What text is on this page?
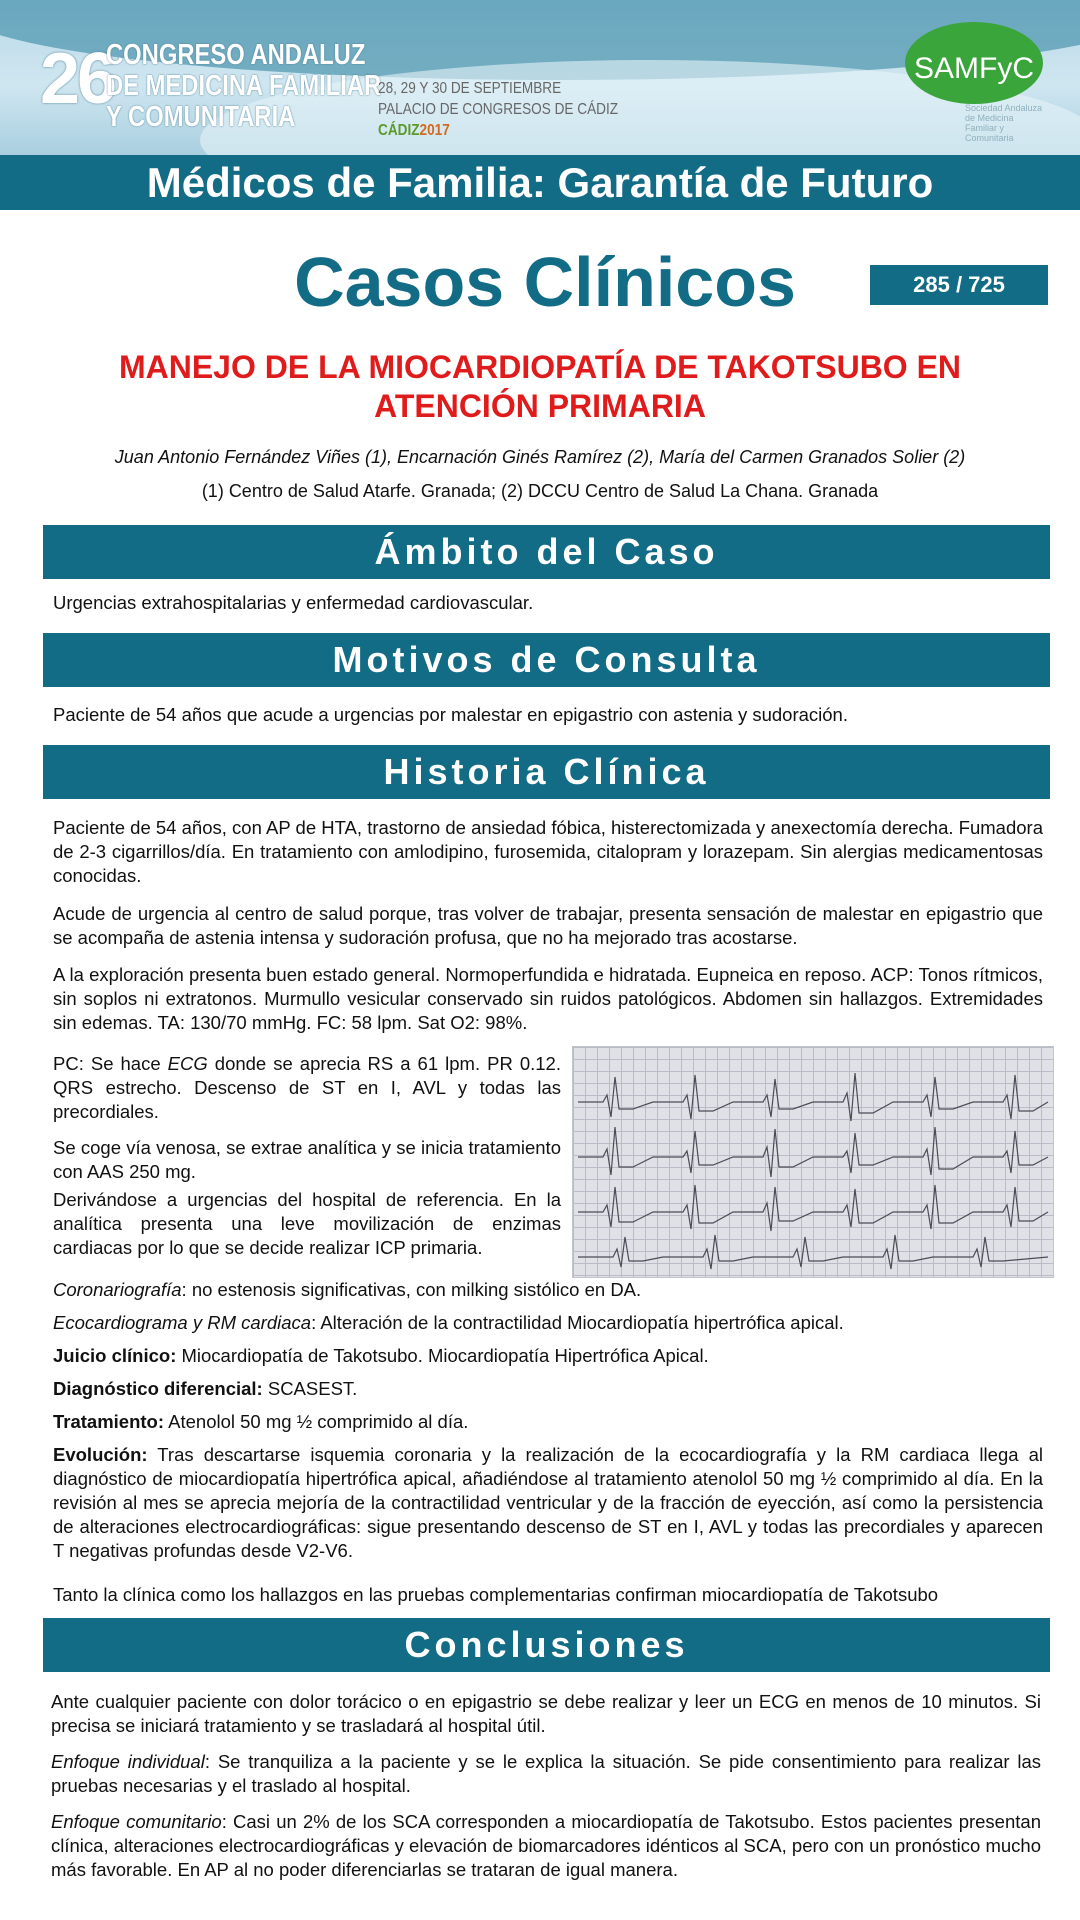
26
CONGRESO ANDALUZ
DE MEDICINA FAMILIAR
Y COMUNITARIA
28, 29 Y 30 DE SEPTIEMBRE
PALACIO DE CONGRESOS DE CÁDIZ
CÁDIZ2017
SAMFyC
Sociedad Andaluza de Medicina Familiar y Comunitaria
Médicos de Familia: Garantía de Futuro
Casos Clínicos	285 / 725
MANEJO DE LA MIOCARDIOPATÍA DE TAKOTSUBO EN ATENCIÓN PRIMARIA
Juan Antonio Fernández Viñes (1), Encarnación Ginés Ramírez (2), María del Carmen Granados Solier (2)
(1) Centro de Salud Atarfe. Granada; (2) DCCU Centro de Salud La Chana. Granada
Ámbito del Caso
Urgencias extrahospitalarias y enfermedad cardiovascular.
Motivos de Consulta
Paciente de 54 años que acude a urgencias por malestar en epigastrio con astenia y sudoración.
Historia Clínica
Paciente de 54 años, con AP de HTA, trastorno de ansiedad fóbica, histerectomizada y anexectomía derecha. Fumadora de 2-3 cigarrillos/día. En tratamiento con amlodipino, furosemida, citalopram y lorazepam. Sin alergias medicamentosas conocidas.
Acude de urgencia al centro de salud porque, tras volver de trabajar, presenta sensación de malestar en epigastrio que se acompaña de astenia intensa y sudoración profusa, que no ha mejorado tras acostarse.
A la exploración presenta buen estado general. Normoperfundida e hidratada. Eupneica en reposo. ACP: Tonos rítmicos, sin soplos ni extratonos. Murmullo vesicular conservado sin ruidos patológicos. Abdomen sin hallazgos. Extremidades sin edemas. TA: 130/70 mmHg. FC: 58 lpm. Sat O2: 98%.
PC: Se hace ECG donde se aprecia RS a 61 lpm. PR 0.12. QRS estrecho. Descenso de ST en I, AVL y todas las precordiales.
Se coge vía venosa, se extrae analítica y se inicia tratamiento con AAS 250 mg.
Derivándose a urgencias del hospital de referencia. En la analítica presenta una leve movilización de enzimas cardiacas por lo que se decide realizar ICP primaria.
Coronariografía: no estenosis significativas, con milking sistólico en DA.
Ecocardiograma y RM cardiaca: Alteración de la contractilidad Miocardiopatía hipertrófica apical.
Juicio clínico: Miocardiopatía de Takotsubo. Miocardiopatía Hipertrófica Apical.
Diagnóstico diferencial: SCASEST.
Tratamiento: Atenolol 50 mg ½ comprimido al día.
Evolución: Tras descartarse isquemia coronaria y la realización de la ecocardiografía y la RM cardiaca llega al diagnóstico de miocardiopatía hipertrófica apical, añadiéndose al tratamiento atenolol 50 mg ½ comprimido al día. En la revisión al mes se aprecia mejoría de la contractilidad ventricular y de la fracción de eyección, así como la persistencia de alteraciones electrocardiográficas: sigue presentando descenso de ST en I, AVL y todas las precordiales y aparecen T negativas profundas desde V2-V6.
Tanto la clínica como los hallazgos en las pruebas complementarias confirman miocardiopatía de Takotsubo
Conclusiones
Ante cualquier paciente con dolor torácico o en epigastrio se debe realizar y leer un ECG en menos de 10 minutos. Si precisa se iniciará tratamiento y se trasladará al hospital útil.
Enfoque individual: Se tranquiliza a la paciente y se le explica la situación. Se pide consentimiento para realizar las pruebas necesarias y el traslado al hospital.
Enfoque comunitario: Casi un 2% de los SCA corresponden a miocardiopatía de Takotsubo. Estos pacientes presentan clínica, alteraciones electrocardiográficas y elevación de biomarcadores idénticos al SCA, pero con un pronóstico mucho más favorable. En AP al no poder diferenciarlas se trataran de igual manera.
